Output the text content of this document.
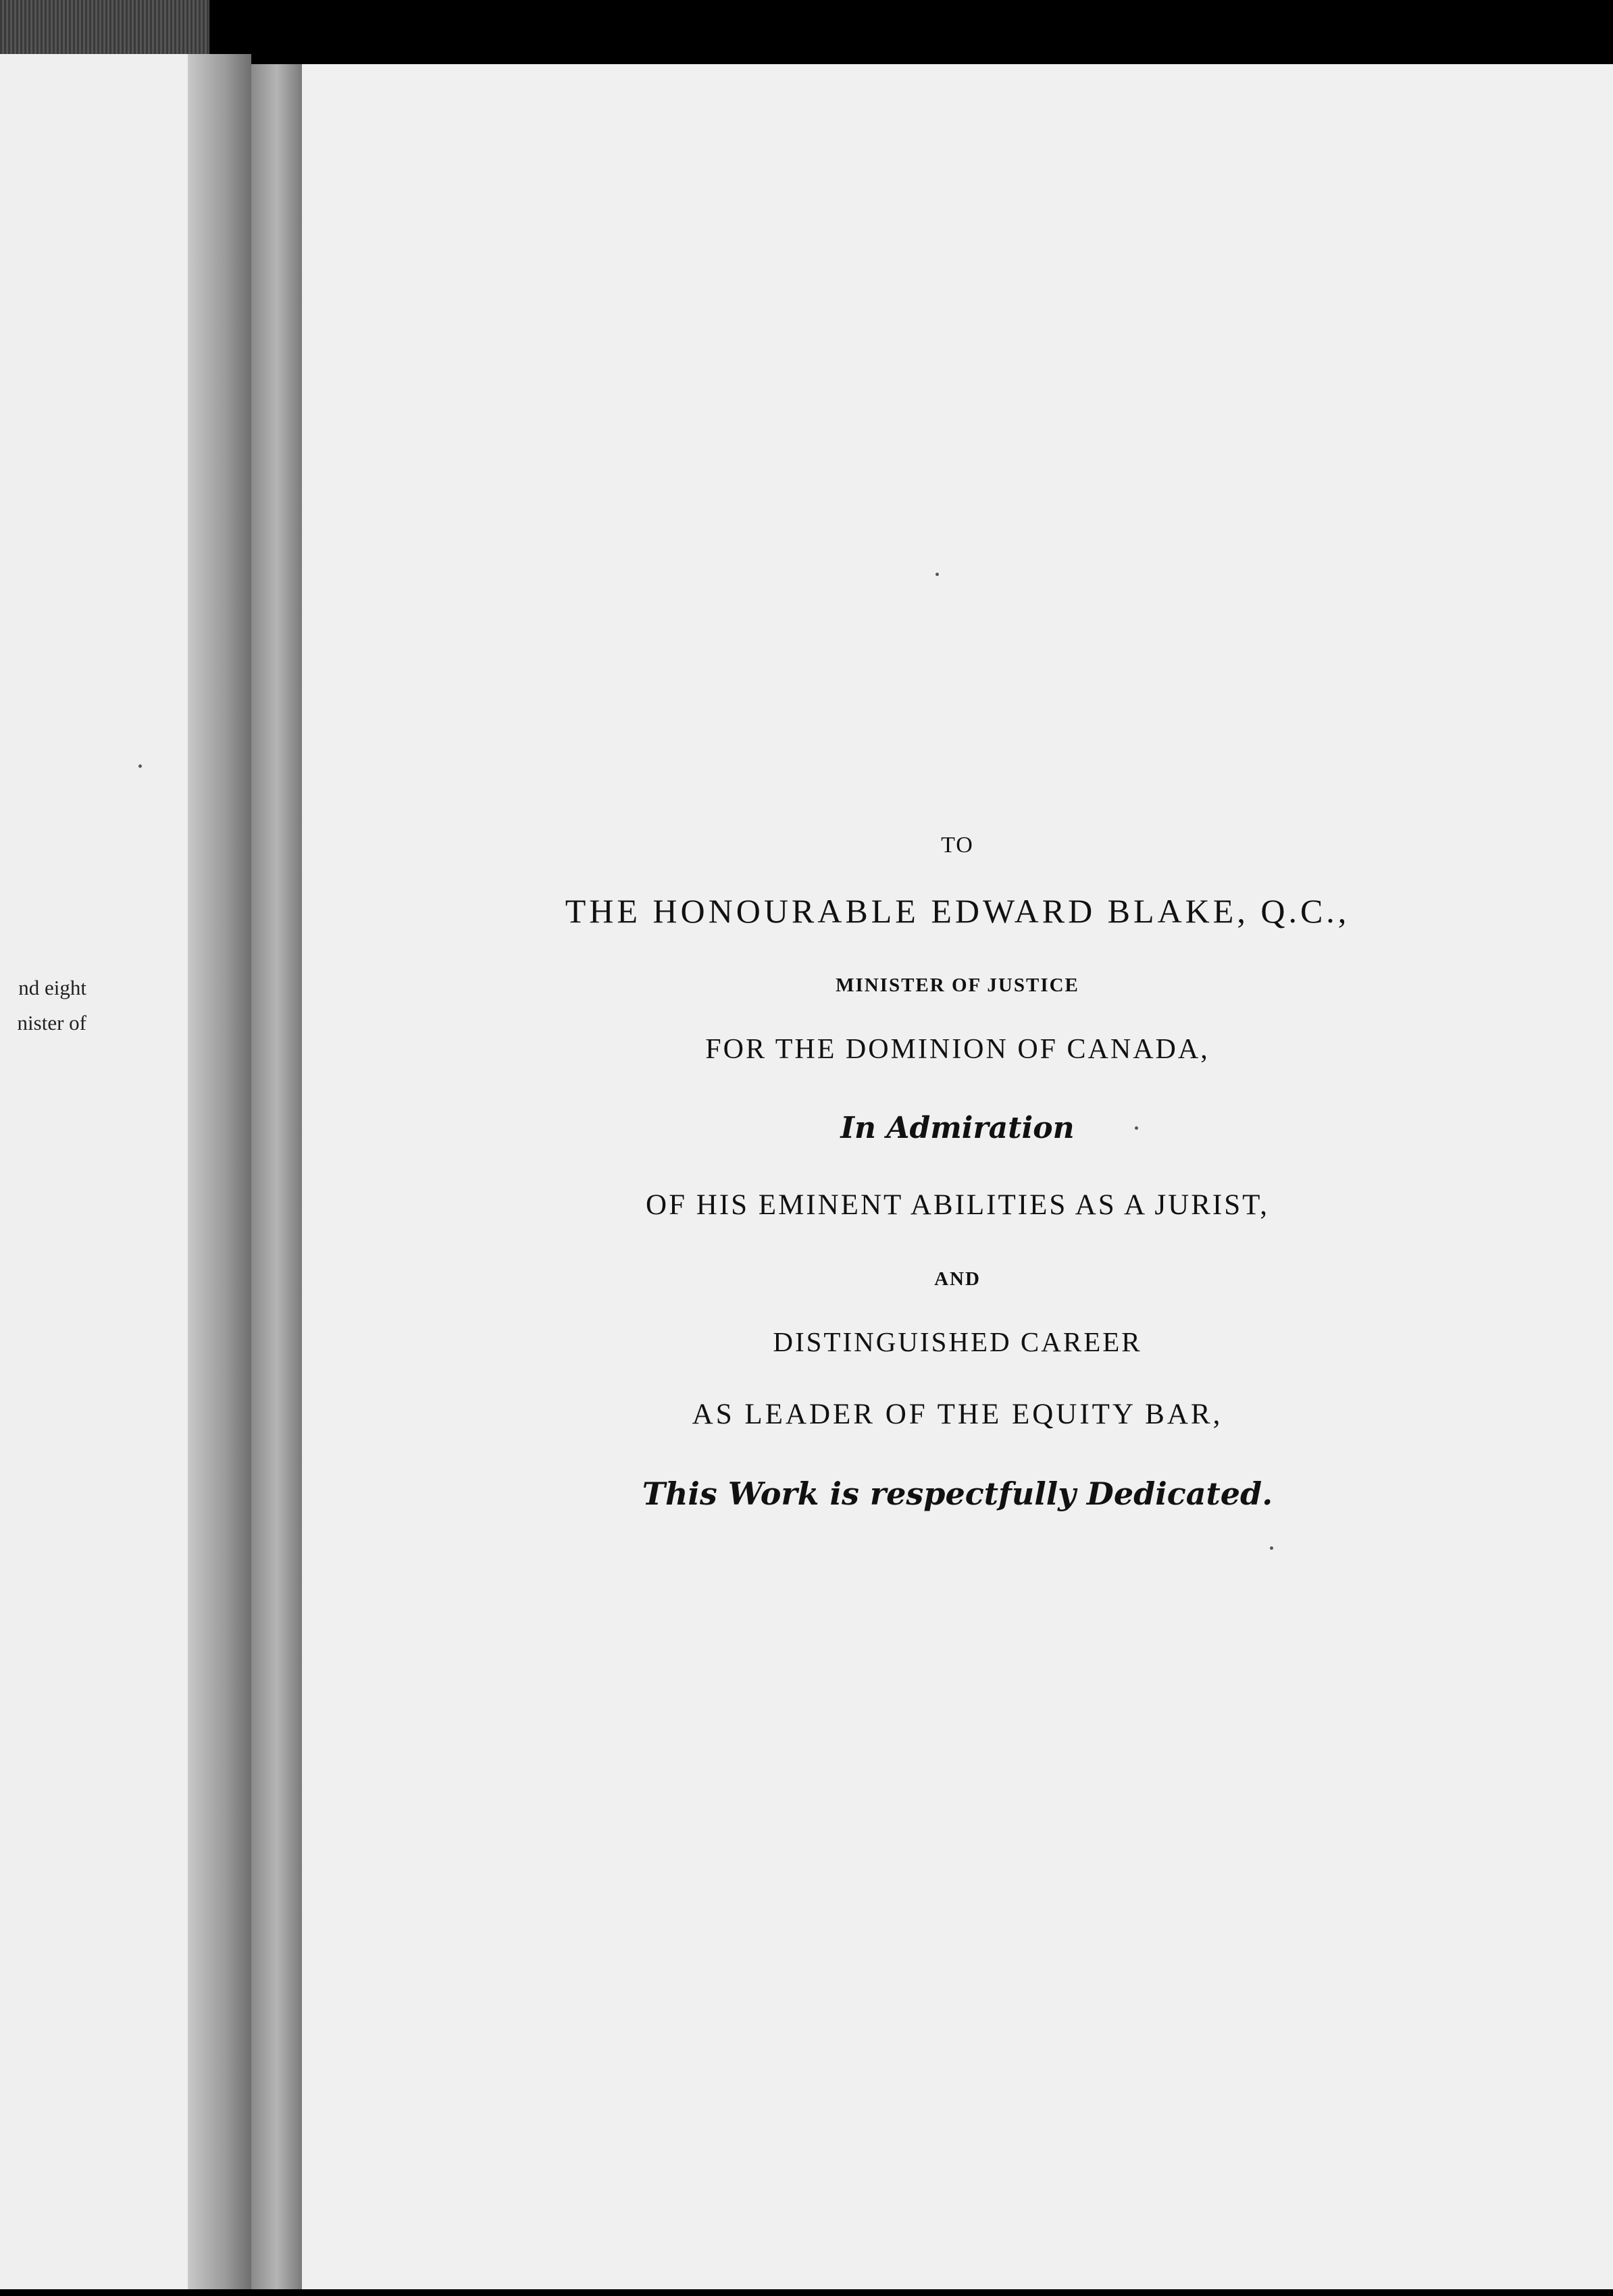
nd eight
nister of
TO
THE HONOURABLE EDWARD BLAKE, Q.C.,
MINISTER OF JUSTICE
FOR THE DOMINION OF CANADA,
In Admiration
OF HIS EMINENT ABILITIES AS A JURIST,
AND
DISTINGUISHED CAREER
AS LEADER OF THE EQUITY BAR,
This Work is respectfully Dedicated.
